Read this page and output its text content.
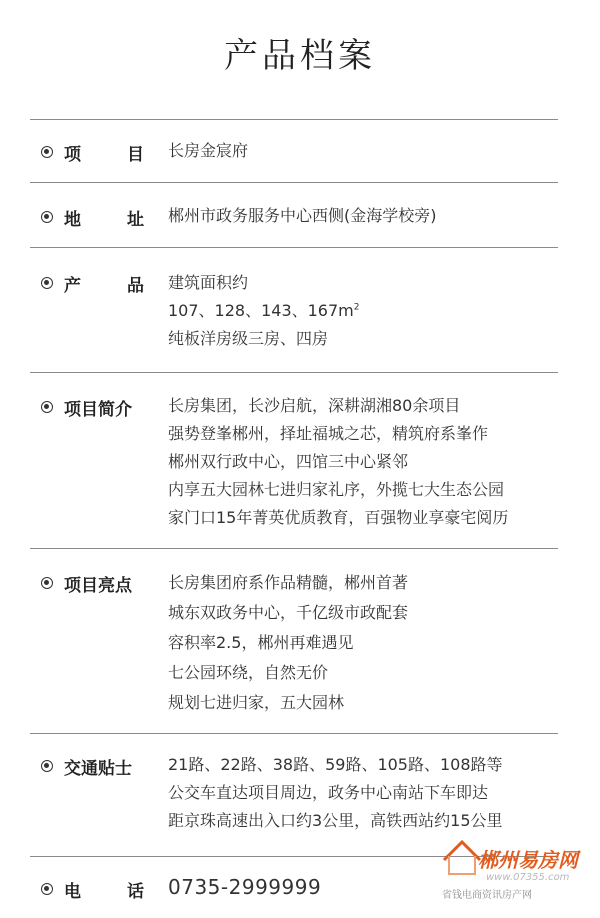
产品档案
项	目 长房金宸府
地	址 郴州市政务服务中心西侧(金海学校旁)
产	品 建筑面积约
107、128、143、$167m^2$
纯板洋房级三房、四房
项目简介	长房集团，长沙启航，深耕湖湘80余项目
强势登峯郴州，择址福城之芯，精筑府系峯作
郴州双行政中心，四馆三中心紧邻
内享五大园林七进归家礼序，外揽七大生态公园
家门口15年菁英优质教育，百强物业享豪宅阅历
项目亮点	长房集团府系作品精髓，郴州首著
城东双政务中心，千亿级市政配套
容积率2.5，郴州再难遇见
七公园环绕，自然无价
规划七进归家，五大园林
交通贴士	21路、22路、38路、59路、105路、108路等
公交车直达项目周边，政务中心南站下车即达
距京珠高速出入口约3公里，高铁西站约15公里
电	话 0735-2999999
郴州易房网
www.07355.com
省钱电商资讯房产网
